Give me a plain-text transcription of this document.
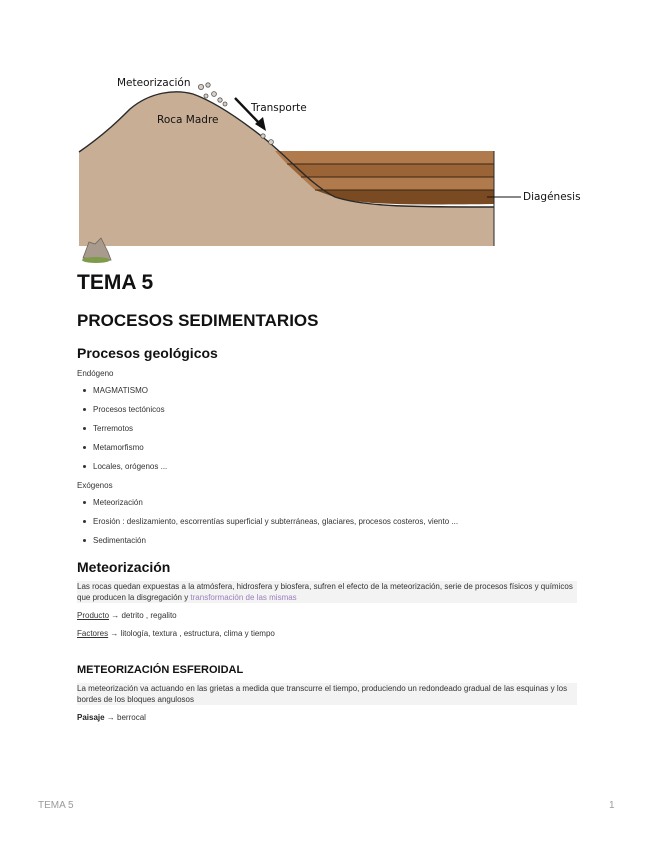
Meteorización
Roca Madre
Transporte
Diagénesis
TEMA 5
PROCESOS SEDIMENTARIOS
Procesos geológicos

Endógeno

MAGMATISMO
Procesos tectónicos
Terremotos
Metamorfismo
Locales, orógenos ...

Exógenos

Meteorización
Erosión : deslizamiento, escorrentías superficial y subterráneas, glaciares, procesos costeros, viento ...
Sedimentación
Meteorización

Las rocas quedan expuestas a la atmósfera, hidrosfera y biosfera, sufren el efecto de la meteorización, serie de procesos físicos y químicos que producen la disgregación y transformación de las mismas

Producto → detrito , regalito

Factores → litología, textura , estructura, clima y tiempo

METEORIZACIÓN ESFEROIDAL

La meteorización va actuando en las grietas a medida que transcurre el tiempo, produciendo un redondeado gradual de las esquinas y los bordes de los bloques angulosos

Paisaje → berrocal

TEMA 5	1
